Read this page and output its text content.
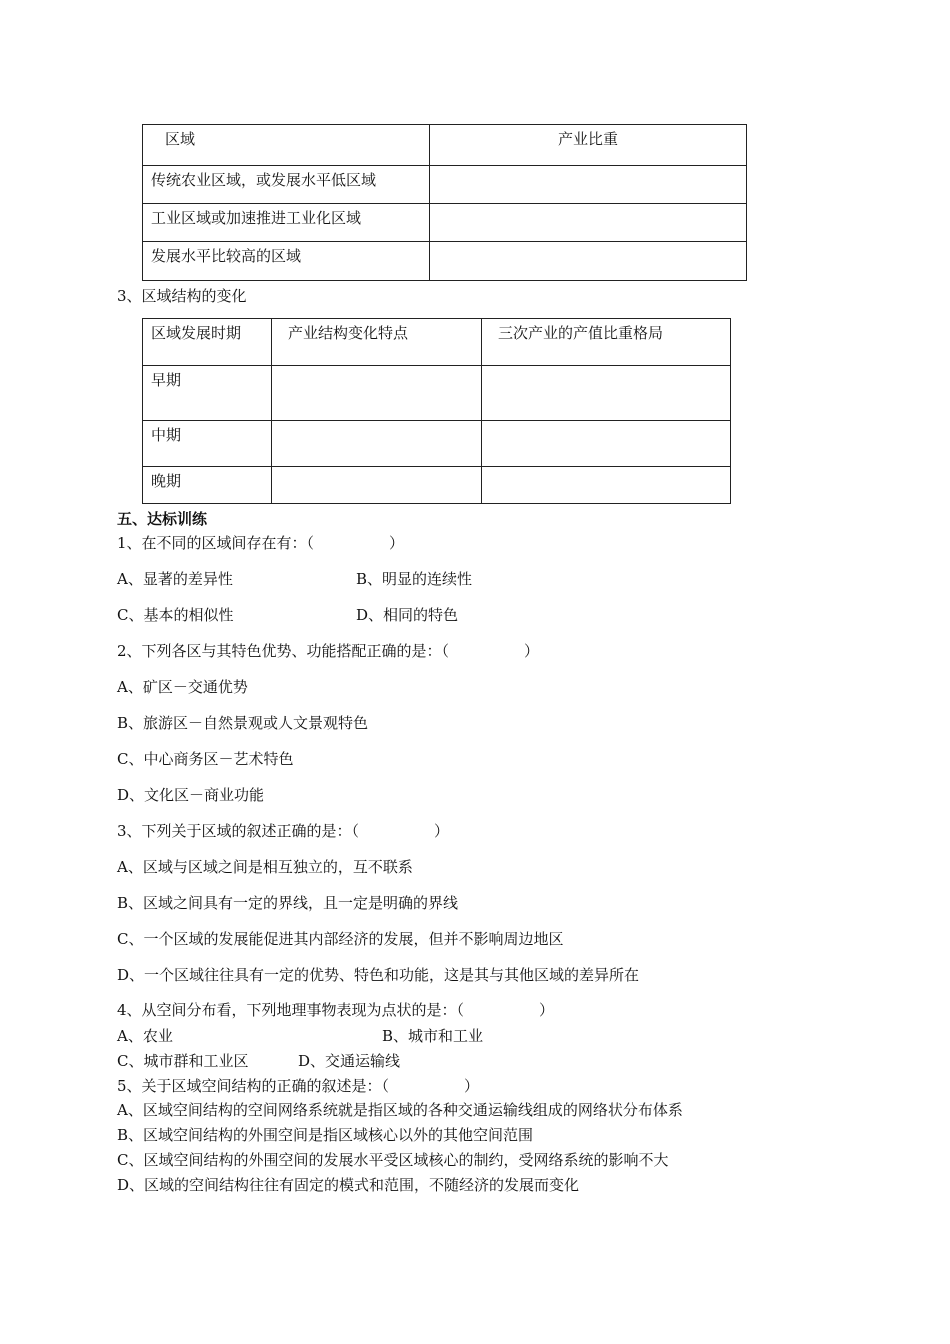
区域	产业比重
传统农业区域，或发展水平低区域	
工业区域或加速推进工业化区域	
发展水平比较高的区域	
3、区域结构的变化
区域发展时期	产业结构变化特点	三次产业的产值比重格局
早期		
中期		
晚期		
五、达标训练
1、在不同的区域间存在有：（　　　　　）
A、显著的差异性	B、明显的连续性
C、基本的相似性	D、相同的特色
2、下列各区与其特色优势、功能搭配正确的是：（　　　　　）
A、矿区－交通优势
B、旅游区－自然景观或人文景观特色
C、中心商务区－艺术特色
D、文化区－商业功能
3、下列关于区域的叙述正确的是：（　　　　　）
A、区域与区域之间是相互独立的，互不联系
B、区域之间具有一定的界线，且一定是明确的界线
C、一个区域的发展能促进其内部经济的发展，但并不影响周边地区
D、一个区域往往具有一定的优势、特色和功能，这是其与其他区域的差异所在
4、从空间分布看，下列地理事物表现为点状的是：（　　　　　）
A、农业	B、城市和工业
C、城市群和工业区	D、交通运输线
5、关于区域空间结构的正确的叙述是：（　　　　　）
A、区域空间结构的空间网络系统就是指区域的各种交通运输线组成的网络状分布体系
B、区域空间结构的外围空间是指区域核心以外的其他空间范围
C、区域空间结构的外围空间的发展水平受区域核心的制约，受网络系统的影响不大
D、区域的空间结构往往有固定的模式和范围，不随经济的发展而变化
